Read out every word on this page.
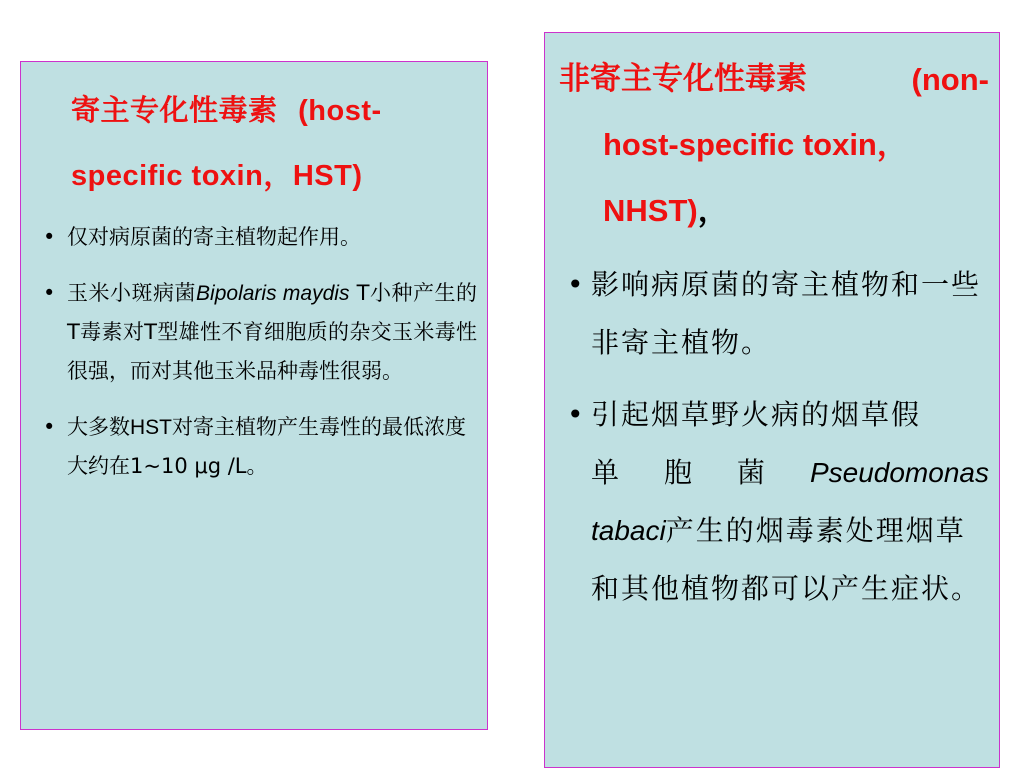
寄主专化性毒素 (host-specific toxin，HST)
• 仅对病原菌的寄主植物起作用。
• 玉米小斑病菌Bipolaris maydis T小种产生的T毒素对T型雄性不育细胞质的杂交玉米毒性很强，而对其他玉米品种毒性很弱。
• 大多数HST对寄主植物产生毒性的最低浓度大约在1~10 μg /L。
非寄主专化性毒素	(non-
host-specific toxin，
NHST)，
• 影响病原菌的寄主植物和一些非寄主植物。
• 引起烟草野火病的烟草假
单 胞 菌 Pseudomonas
tabaci产生的烟毒素处理烟草和其他植物都可以产生症状。
